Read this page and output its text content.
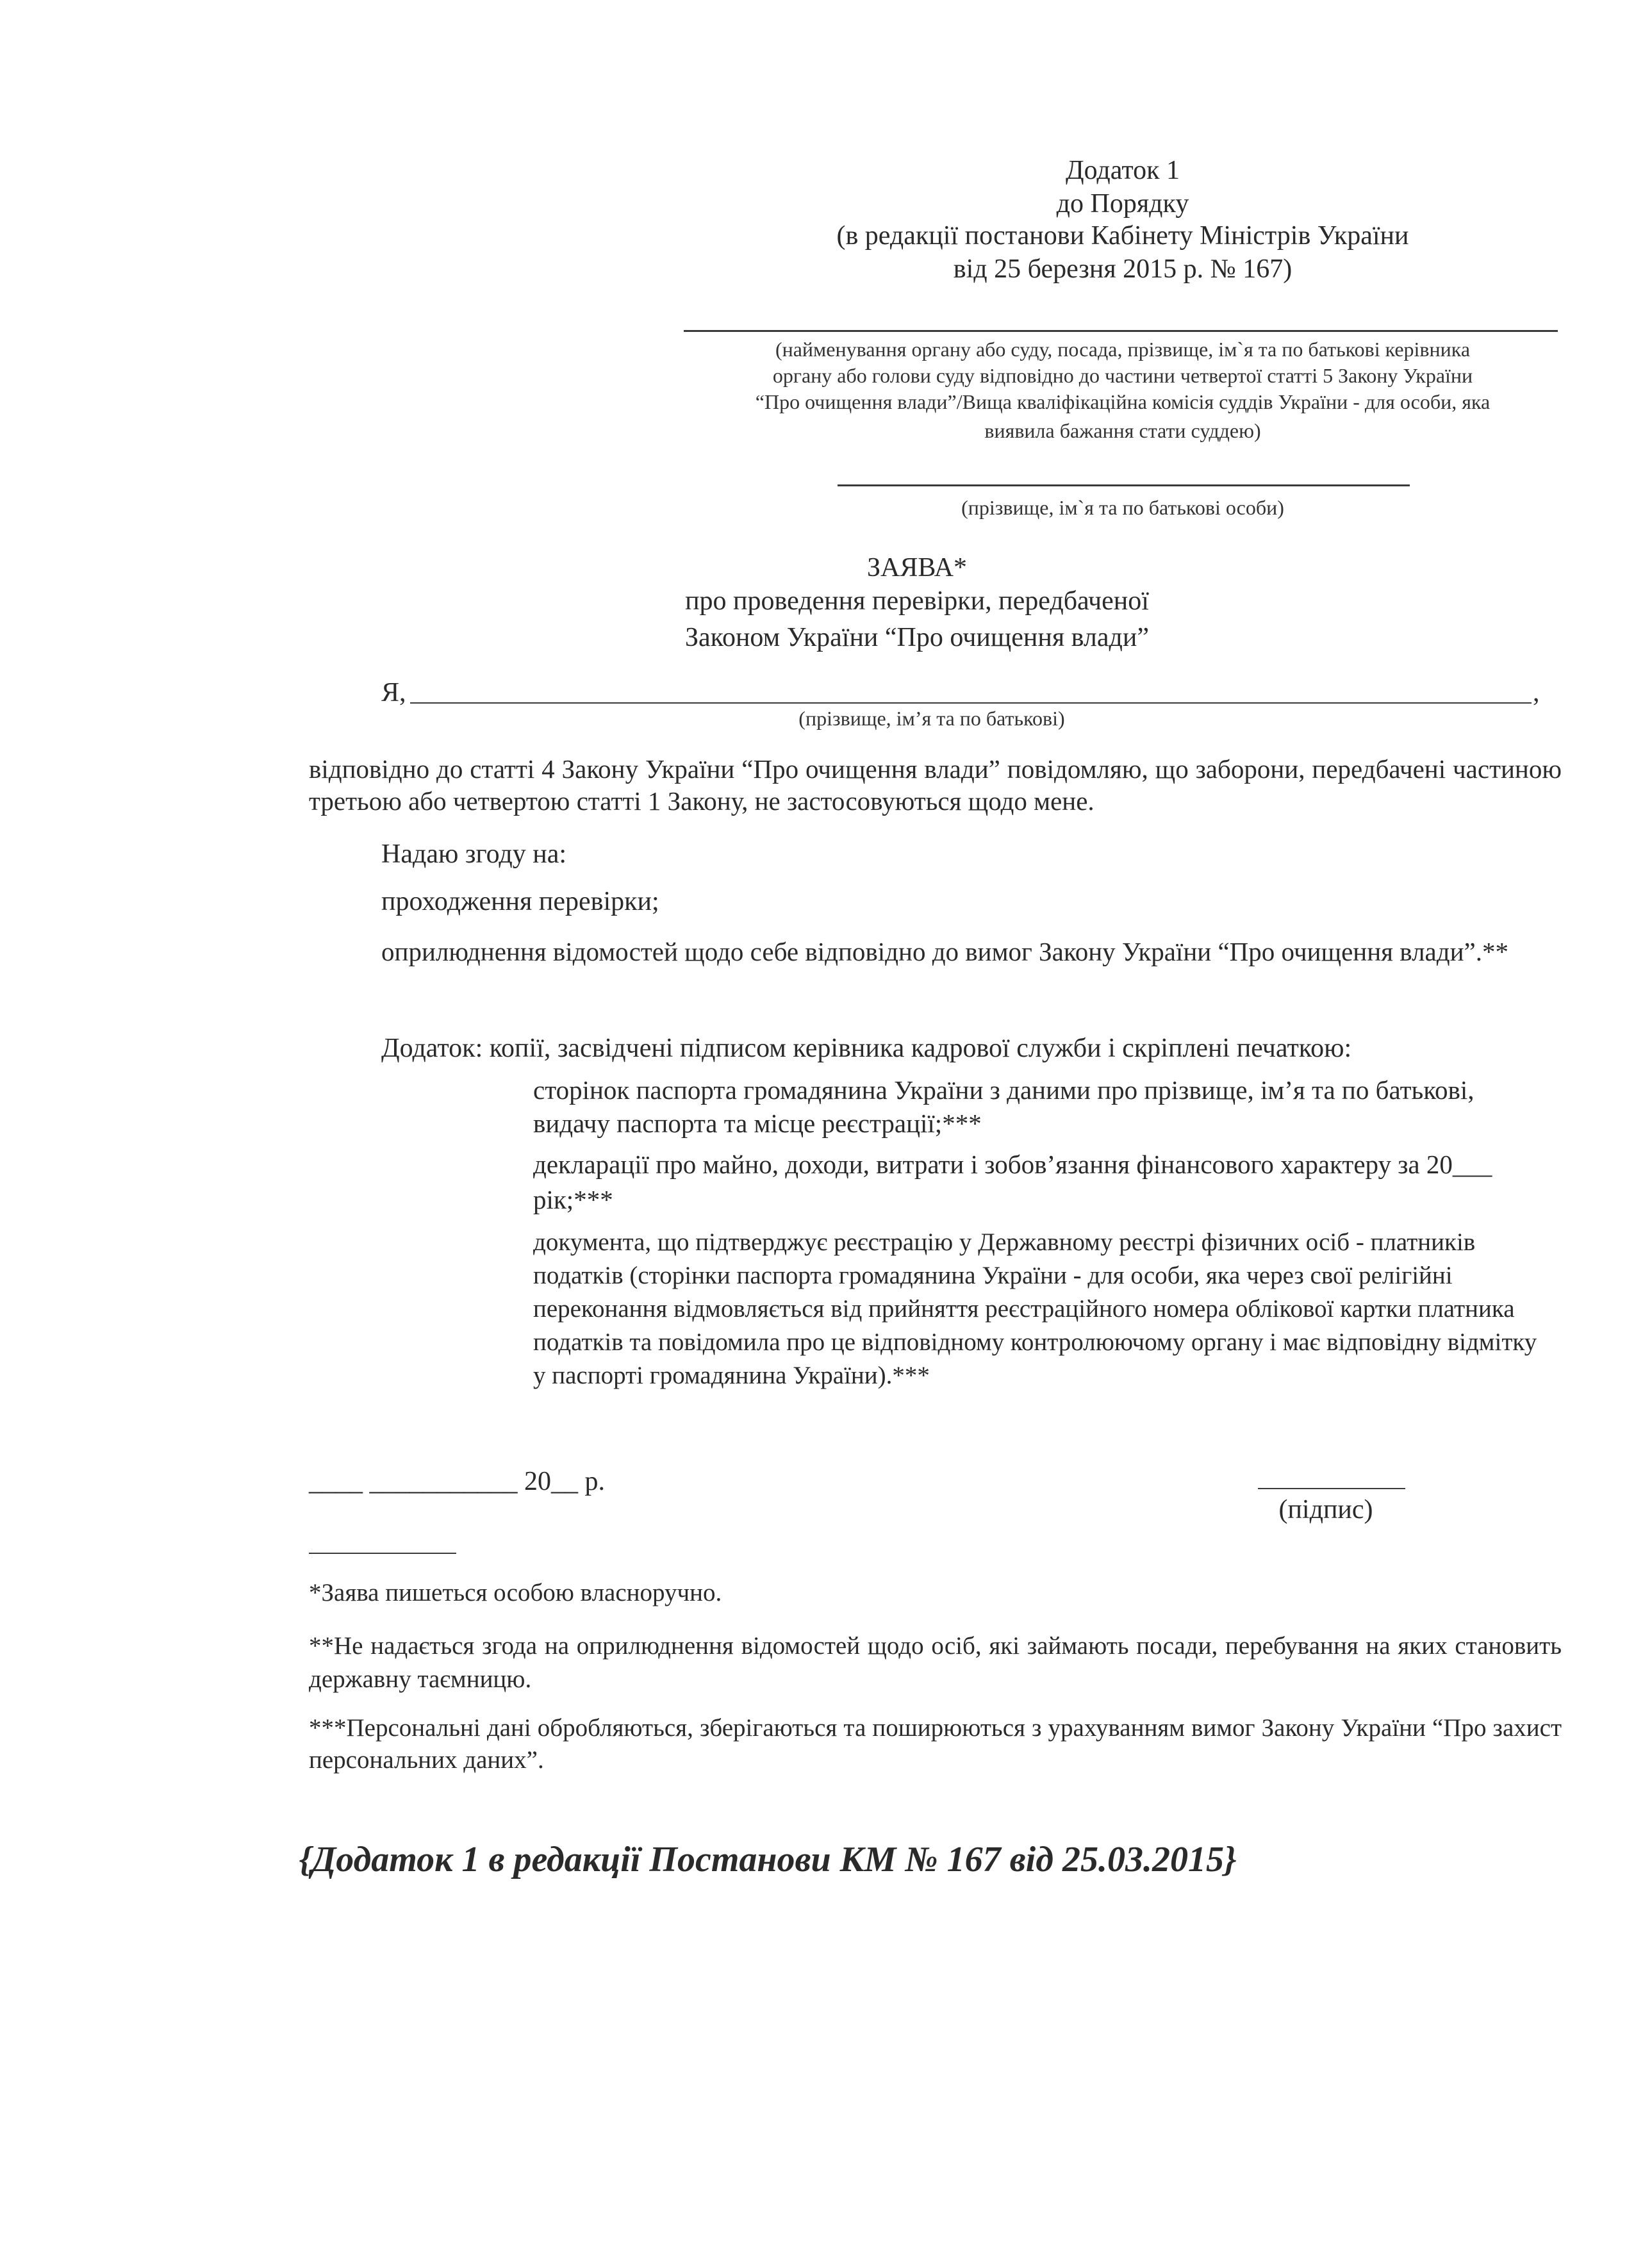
Додаток 1
до Порядку
(в редакції постанови Кабінету Міністрів України
від 25 березня 2015 р. № 167)
(найменування органу або суду, посада, прізвище, ім`я та по батькові керівника
органу або голови суду відповідно до частини четвертої статті 5 Закону України
“Про очищення влади”/Вища кваліфікаційна комісія суддів України - для особи, яка
виявила бажання стати суддею)
(прізвище, ім`я та по батькові особи)
ЗАЯВА*
про проведення перевірки, передбаченої
Законом України “Про очищення влади”
Я,	,
(прізвище, ім’я та по батькові)
відповідно до статті 4 Закону України “Про очищення влади” повідомляю, що заборони, передбачені частиною третьою або четвертою статті 1 Закону, не застосовуються щодо мене.
Надаю згоду на:
проходження перевірки;
оприлюднення відомостей щодо себе відповідно до вимог Закону України “Про очищення влади”.**
Додаток: копії, засвідчені підписом керівника кадрової служби і скріплені печаткою:
сторінок паспорта громадянина України з даними про прізвище, ім’я та по батькові, видачу паспорта та місце реєстрації;***
декларації про майно, доходи, витрати і зобов’язання фінансового характеру за 20___ рік;***
документа, що підтверджує реєстрацію у Державному реєстрі фізичних осіб - платників податків (сторінки паспорта громадянина України - для особи, яка через свої релігійні переконання відмовляється від прийняття реєстраційного номера облікової картки платника податків та повідомила про це відповідному контролюючому органу і має відповідну відмітку у паспорті громадянина України).***
____ ___________ 20__ р.
(підпис)
*Заява пишеться особою власноручно.
**Не надається згода на оприлюднення відомостей щодо осіб, які займають посади, перебування на яких становить державну таємницю.
***Персональні дані обробляються, зберігаються та поширюються з урахуванням вимог Закону України “Про захист персональних даних”.
{Додаток 1 в редакції Постанови КМ № 167 від 25.03.2015}
